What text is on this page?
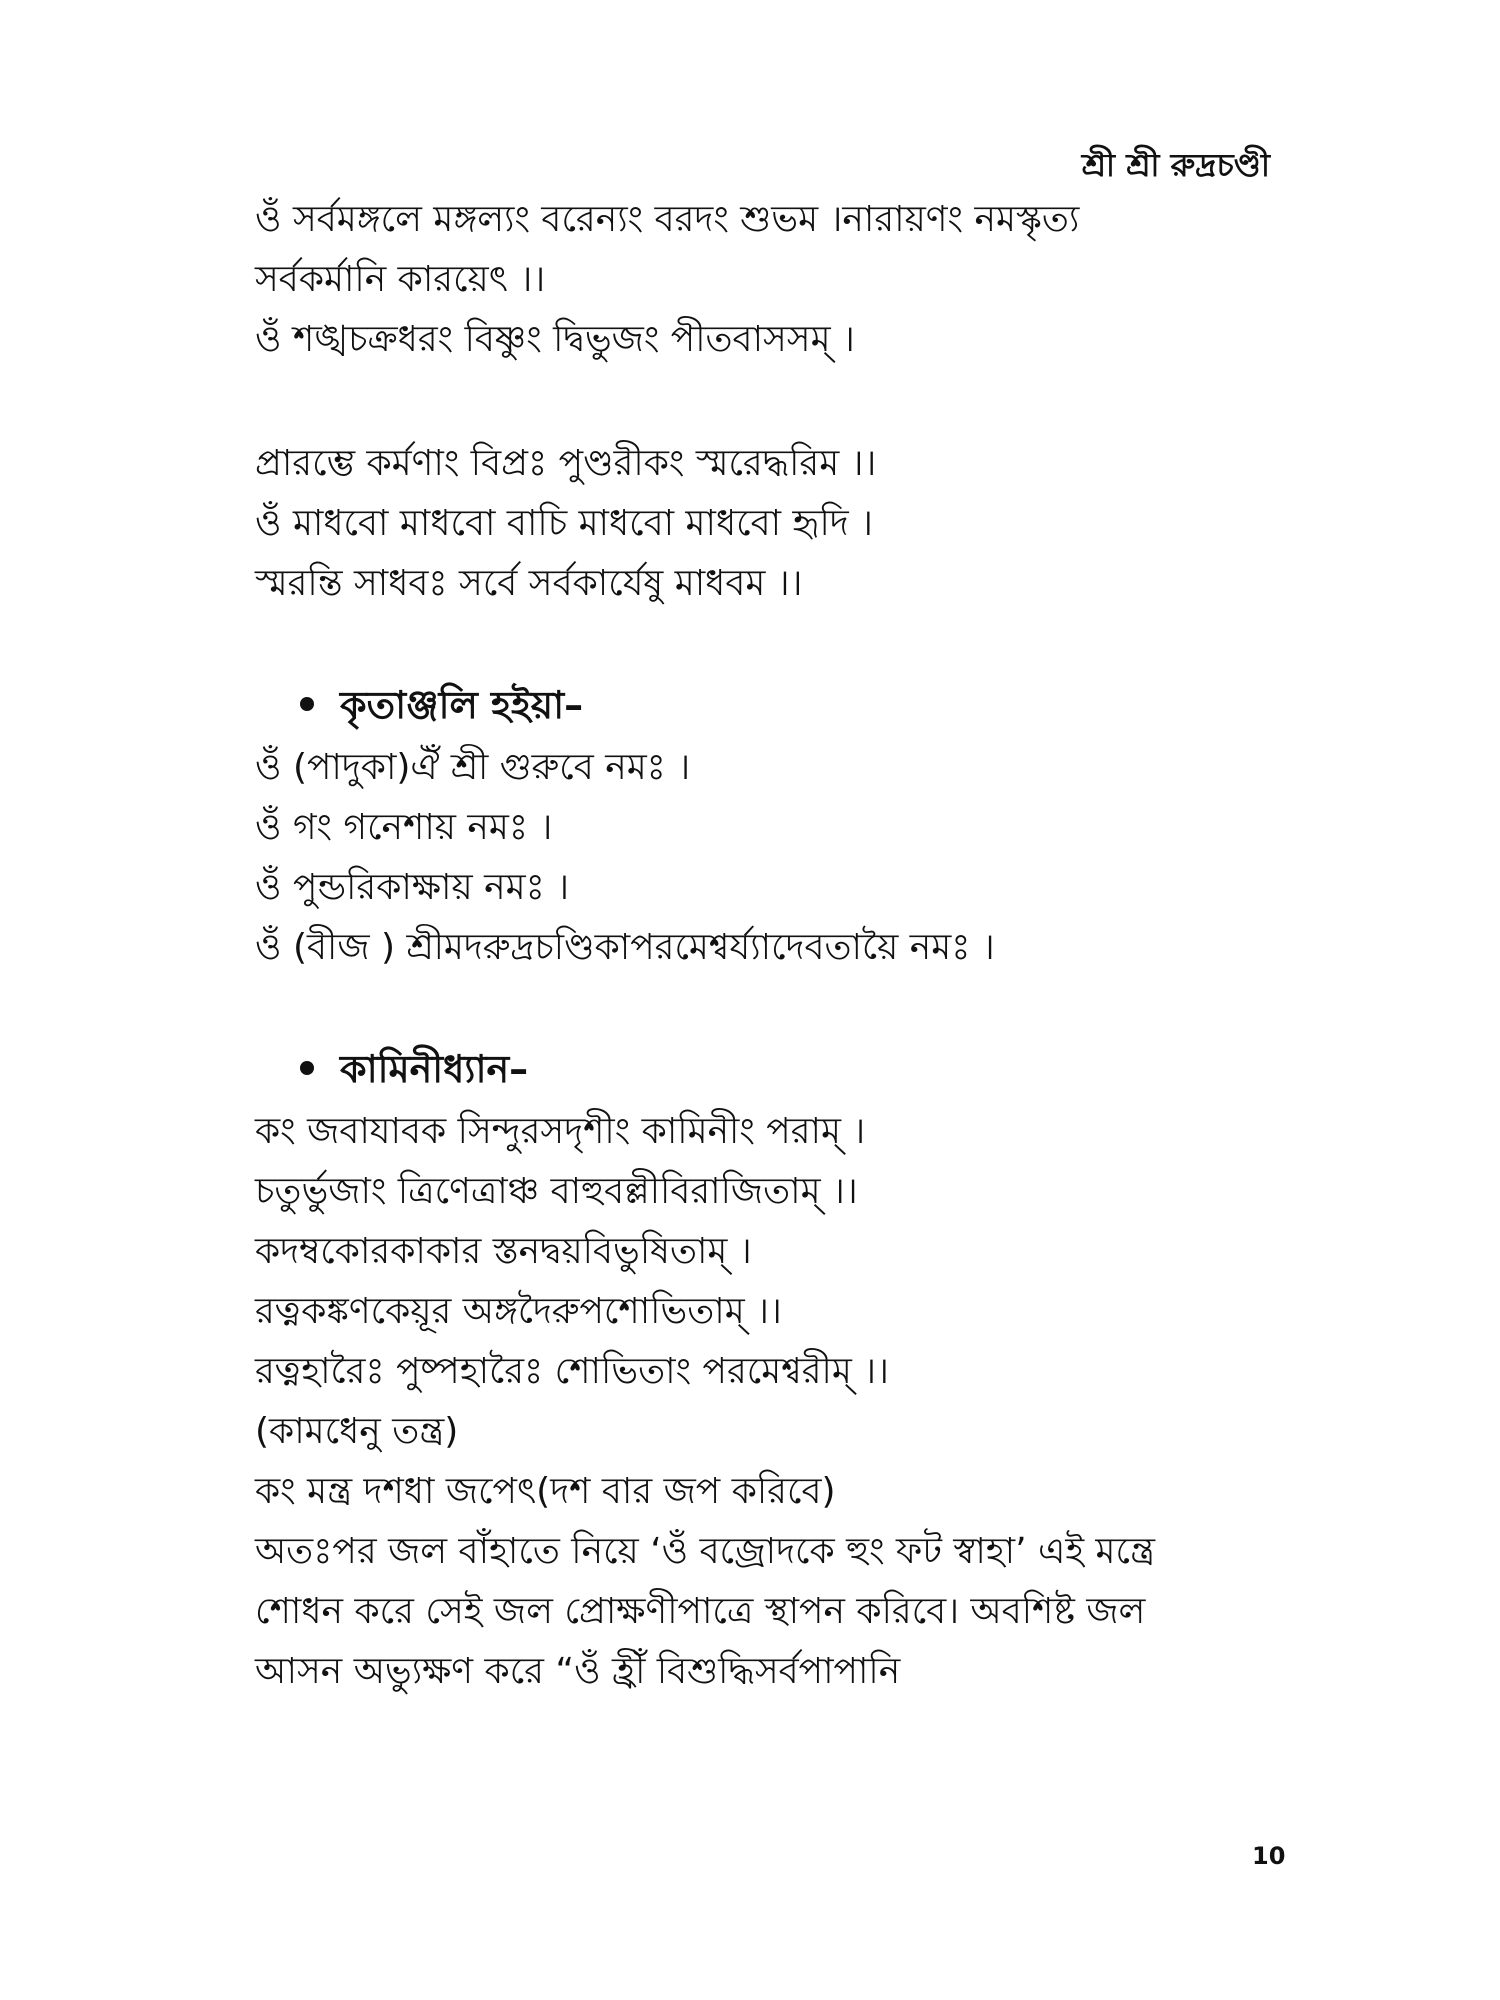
শ্রী শ্রী রুদ্রচণ্ডী
ওঁ সর্বমঙ্গলে মঙ্গল্যং বরেন্যং বরদং শুভম ।নারায়ণং নমস্কৃত্য
সর্বকর্মানি কারয়েৎ ।।
ওঁ শঙ্খচক্রধরং বিষ্ণুং দ্বিভুজং পীতবাসসম্ ।
প্রারম্ভে কর্মণাং বিপ্রঃ পুণ্ডরীকং স্মরেদ্ধরিম ।।
ওঁ মাধবো মাধবো বাচি মাধবো মাধবো হৃদি ।
স্মরন্তি সাধবঃ সর্বে সর্বকার্যেষু মাধবম ।।
কৃতাঞ্জলি হইয়া–
ওঁ (পাদুকা)ঐঁ শ্রী গুরুবে নমঃ ।
ওঁ গং গনেশায় নমঃ ।
ওঁ পুন্ডরিকাক্ষায় নমঃ ।
ওঁ (বীজ ) শ্রীমদরুদ্রচণ্ডিকাপরমেশ্বর্য্যাদেবতায়ৈ নমঃ ।
কামিনীধ্যান–
কং জবাযাবক সিন্দুরসদৃশীং কামিনীং পরাম্ ।
চতুর্ভুজাং ত্রিণেত্রাঞ্চ বাহুবল্লীবিরাজিতাম্ ।।
কদম্বকোরকাকার স্তনদ্বয়বিভুষিতাম্ ।
রত্নকঙ্কণকেয়ূর অঙ্গদৈরুপশোভিতাম্ ।।
রত্নহারৈঃ পুষ্পহারৈঃ শোভিতাং পরমেশ্বরীম্ ।।
(কামধেনু তন্ত্র)
কং মন্ত্র দশধা জপেৎ(দশ বার জপ করিবে)
অতঃপর জল বাঁহাতে নিয়ে ‘ওঁ বজ্রোদকে হুং ফট স্বাহা’ এই মন্ত্রে
শোধন করে সেই জল প্রোক্ষণীপাত্রে স্থাপন করিবে। অবশিষ্ট জল
আসন অভ্যুক্ষণ করে “ওঁ হ্রীঁ বিশুদ্ধিসর্বপাপানি
10
